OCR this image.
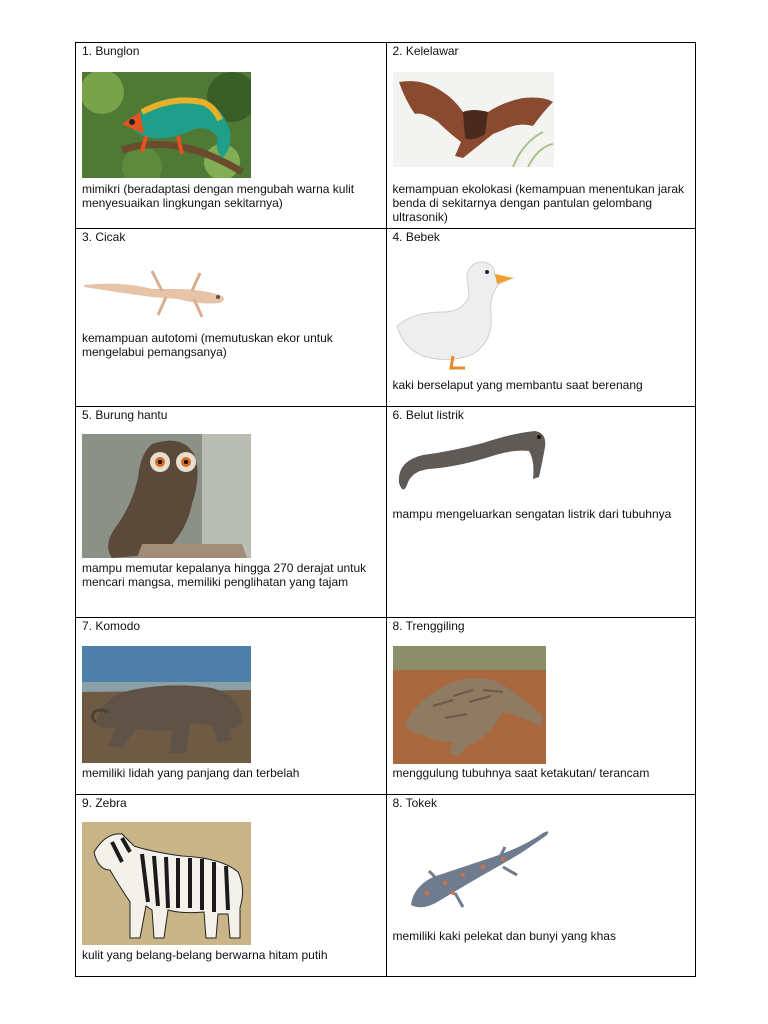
1. Bunglon

mimikri (beradaptasi dengan mengubah warna kulit menyesuaikan lingkungan sekitarnya)

2. Kelelawar

kemampuan ekolokasi (kemampuan menentukan jarak benda di sekitarnya dengan pantulan gelombang ultrasonik)

3. Cicak

kemampuan autotomi (memutuskan ekor untuk mengelabui pemangsanya)

4. Bebek

kaki berselaput yang membantu saat berenang

5. Burung hantu

mampu memutar kepalanya hingga 270 derajat untuk mencari mangsa, memiliki penglihatan yang tajam

6. Belut listrik

mampu mengeluarkan sengatan listrik dari tubuhnya

7. Komodo

memiliki lidah yang panjang dan terbelah

8. Trenggiling

menggulung tubuhnya saat ketakutan/ terancam

9. Zebra

kulit yang belang-belang berwarna hitam putih

8. Tokek

memiliki kaki pelekat dan bunyi yang khas
